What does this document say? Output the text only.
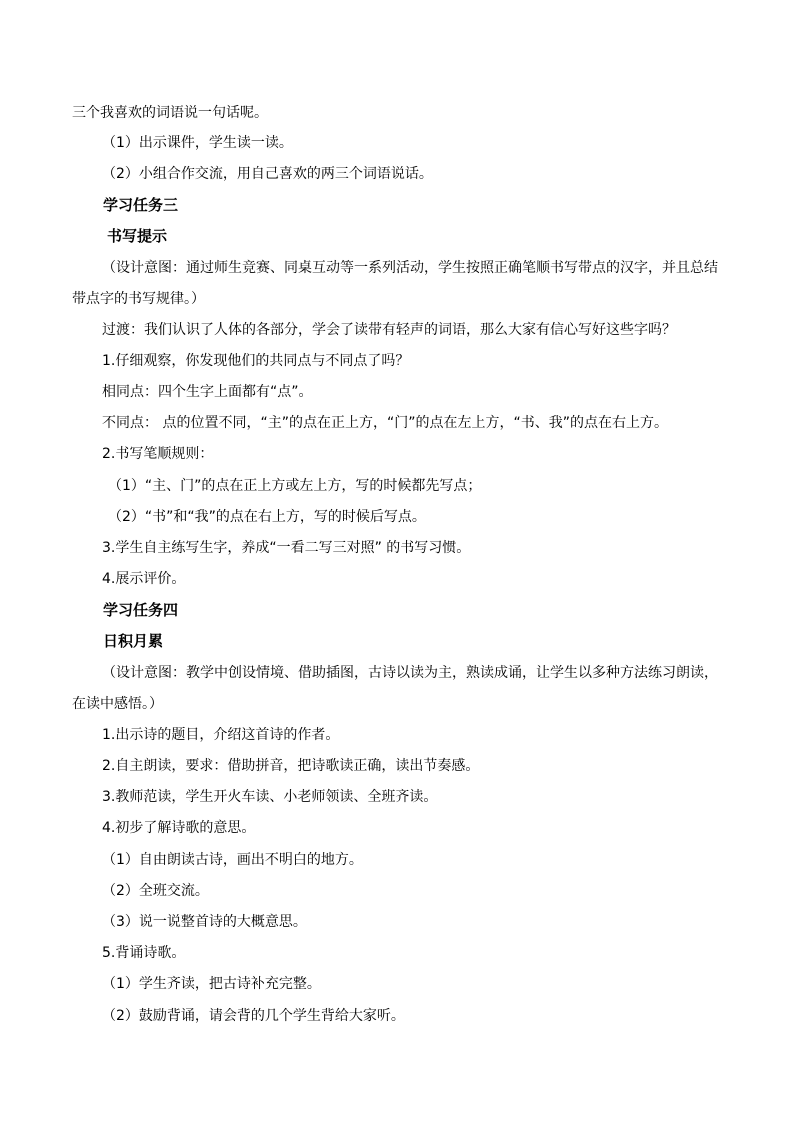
三个我喜欢的词语说一句话呢。
（1）出示课件，学生读一读。
（2）小组合作交流，用自己喜欢的两三个词语说话。
学习任务三
书写提示
（设计意图：通过师生竞赛、同桌互动等一系列活动，学生按照正确笔顺书写带点的汉字，并且总结
带点字的书写规律。）
过渡：我们认识了人体的各部分，学会了读带有轻声的词语，那么大家有信心写好这些字吗？
1.仔细观察，你发现他们的共同点与不同点了吗？
相同点：四个生字上面都有“点”。
不同点： 点的位置不同，“主”的点在正上方，“门”的点在左上方，“书、我”的点在右上方。
2.书写笔顺规则：
（1）“主、门”的点在正上方或左上方，写的时候都先写点；
（2）“书”和“我”的点在右上方，写的时候后写点。
3.学生自主练写生字，养成“一看二写三对照” 的书写习惯。
4.展示评价。
学习任务四
日积月累
（设计意图：教学中创设情境、借助插图，古诗以读为主，熟读成诵，让学生以多种方法练习朗读，
在读中感悟。）
1.出示诗的题目，介绍这首诗的作者。
2.自主朗读，要求：借助拼音，把诗歌读正确，读出节奏感。
3.教师范读，学生开火车读、小老师领读、全班齐读。
4.初步了解诗歌的意思。
（1）自由朗读古诗，画出不明白的地方。
（2）全班交流。
（3）说一说整首诗的大概意思。
5.背诵诗歌。
（1）学生齐读，把古诗补充完整。
（2）鼓励背诵，请会背的几个学生背给大家听。
